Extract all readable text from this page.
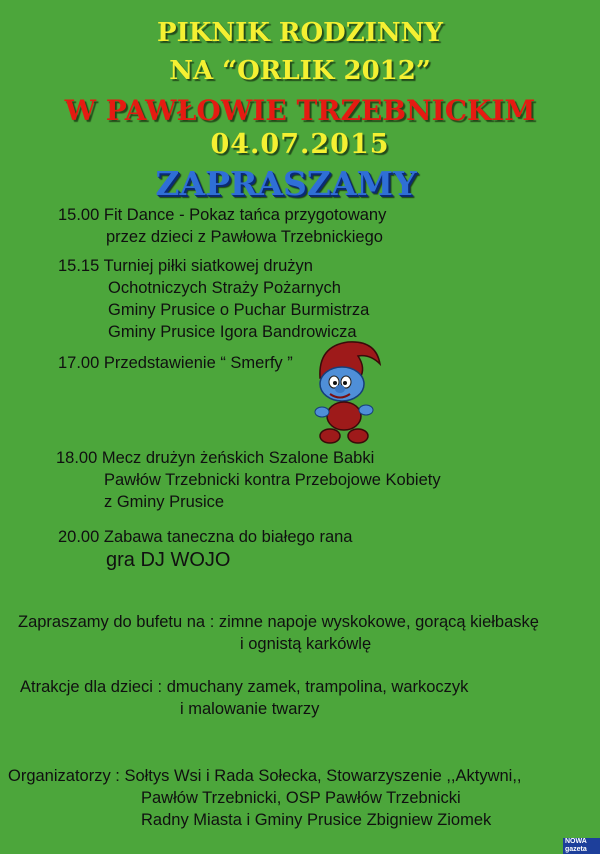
PIKNIK RODZINNY
NA “ORLIK 2012”
W PAWŁOWIE TRZEBNICKIM
04.07.2015
ZAPRASZAMY
15.00 Fit Dance - Pokaz tańca przygotowany
przez dzieci z Pawłowa Trzebnickiego
15.15 Turniej piłki siatkowej drużyn
Ochotniczych Straży Pożarnych
Gminy Prusice o Puchar Burmistrza
Gminy Prusice Igora Bandrowicza
17.00 Przedstawienie “ Smerfy ”
18.00 Mecz drużyn żeńskich Szalone Babki
Pawłów Trzebnicki kontra Przebojowe Kobiety
z Gminy Prusice
20.00 Zabawa taneczna do białego rana
gra DJ WOJO
Zapraszamy do bufetu na : zimne napoje wyskokowe, gorącą kiełbaskę
i ognistą karkówlę
Atrakcje dla dzieci : dmuchany zamek, trampolina, warkoczyk
i malowanie twarzy
Organizatorzy : Sołtys Wsi i Rada Sołecka, Stowarzyszenie ,,Aktywni,,
Pawłów Trzebnicki, OSP Pawłów Trzebnicki
Radny Miasta i Gminy Prusice Zbigniew Ziomek
NOWA gazeta
